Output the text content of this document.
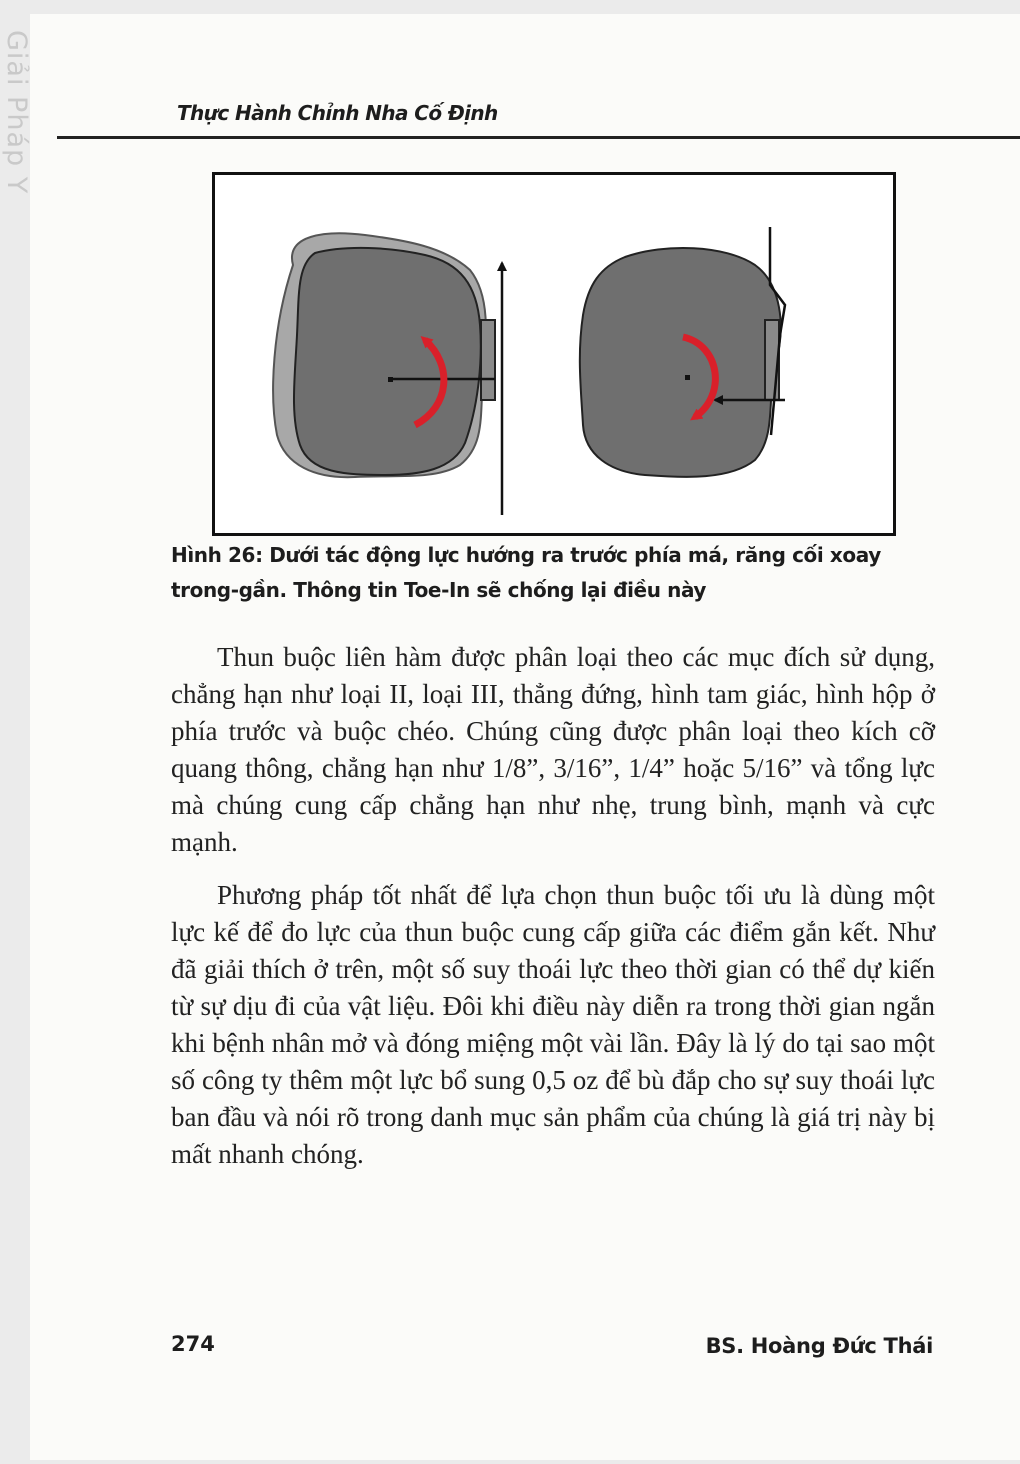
Giải Pháp Y
Thực Hành Chỉnh Nha Cố Định
Hình 26: Dưới tác động lực hướng ra trước phía má, răng cối xoay trong-gần. Thông tin Toe-In sẽ chống lại điều này

Thun buộc liên hàm được phân loại theo các mục đích sử dụng, chẳng hạn như loại II, loại III, thẳng đứng, hình tam giác, hình hộp ở phía trước và buộc chéo. Chúng cũng được phân loại theo kích cỡ quang thông, chẳng hạn như 1/8”, 3/16”, 1/4” hoặc 5/16” và tổng lực mà chúng cung cấp chẳng hạn như nhẹ, trung bình, mạnh và cực mạnh.

Phương pháp tốt nhất để lựa chọn thun buộc tối ưu là dùng một lực kế để đo lực của thun buộc cung cấp giữa các điểm gắn kết. Như đã giải thích ở trên, một số suy thoái lực theo thời gian có thể dự kiến từ sự dịu đi của vật liệu. Đôi khi điều này diễn ra trong thời gian ngắn khi bệnh nhân mở và đóng miệng một vài lần. Đây là lý do tại sao một số công ty thêm một lực bổ sung 0,5 oz để bù đắp cho sự suy thoái lực ban đầu và nói rõ trong danh mục sản phẩm của chúng là giá trị này bị mất nhanh chóng.

274	BS. Hoàng Đức Thái
